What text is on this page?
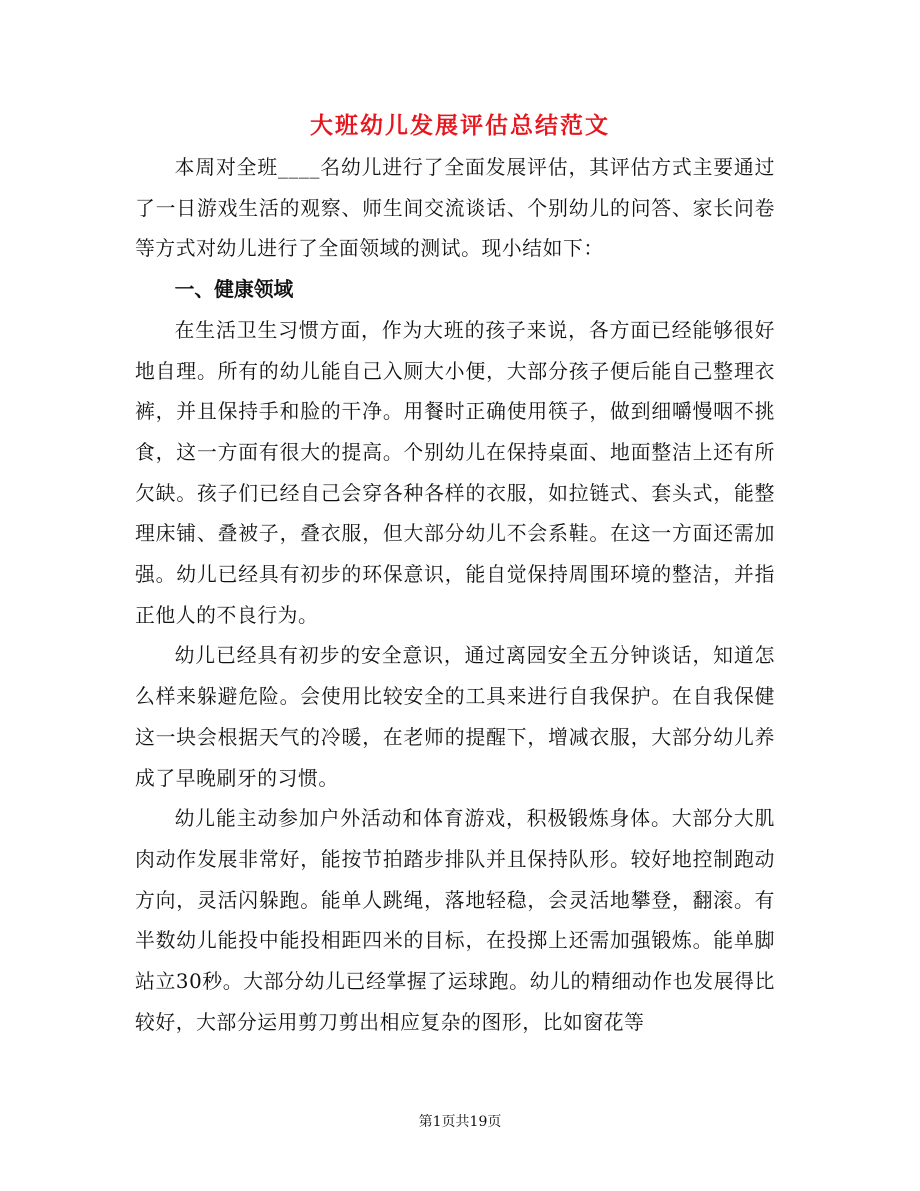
大班幼儿发展评估总结范文

本周对全班____名幼儿进行了全面发展评估，其评估方式主要通过了一日游戏生活的观察、师生间交流谈话、个别幼儿的问答、家长问卷等方式对幼儿进行了全面领域的测试。现小结如下：

一、健康领域

在生活卫生习惯方面，作为大班的孩子来说，各方面已经能够很好地自理。所有的幼儿能自己入厕大小便，大部分孩子便后能自己整理衣裤，并且保持手和脸的干净。用餐时正确使用筷子，做到细嚼慢咽不挑食，这一方面有很大的提高。个别幼儿在保持桌面、地面整洁上还有所欠缺。孩子们已经自己会穿各种各样的衣服，如拉链式、套头式，能整理床铺、叠被子，叠衣服，但大部分幼儿不会系鞋。在这一方面还需加强。幼儿已经具有初步的环保意识，能自觉保持周围环境的整洁，并指正他人的不良行为。

幼儿已经具有初步的安全意识，通过离园安全五分钟谈话，知道怎么样来躲避危险。会使用比较安全的工具来进行自我保护。在自我保健这一块会根据天气的冷暖，在老师的提醒下，增减衣服，大部分幼儿养成了早晚刷牙的习惯。

幼儿能主动参加户外活动和体育游戏，积极锻炼身体。大部分大肌肉动作发展非常好，能按节拍踏步排队并且保持队形。较好地控制跑动方向，灵活闪躲跑。能单人跳绳，落地轻稳，会灵活地攀登，翻滚。有半数幼儿能投中能投相距四米的目标，在投掷上还需加强锻炼。能单脚站立30秒。大部分幼儿已经掌握了运球跑。幼儿的精细动作也发展得比较好，大部分运用剪刀剪出相应复杂的图形，比如窗花等

第1页共19页
